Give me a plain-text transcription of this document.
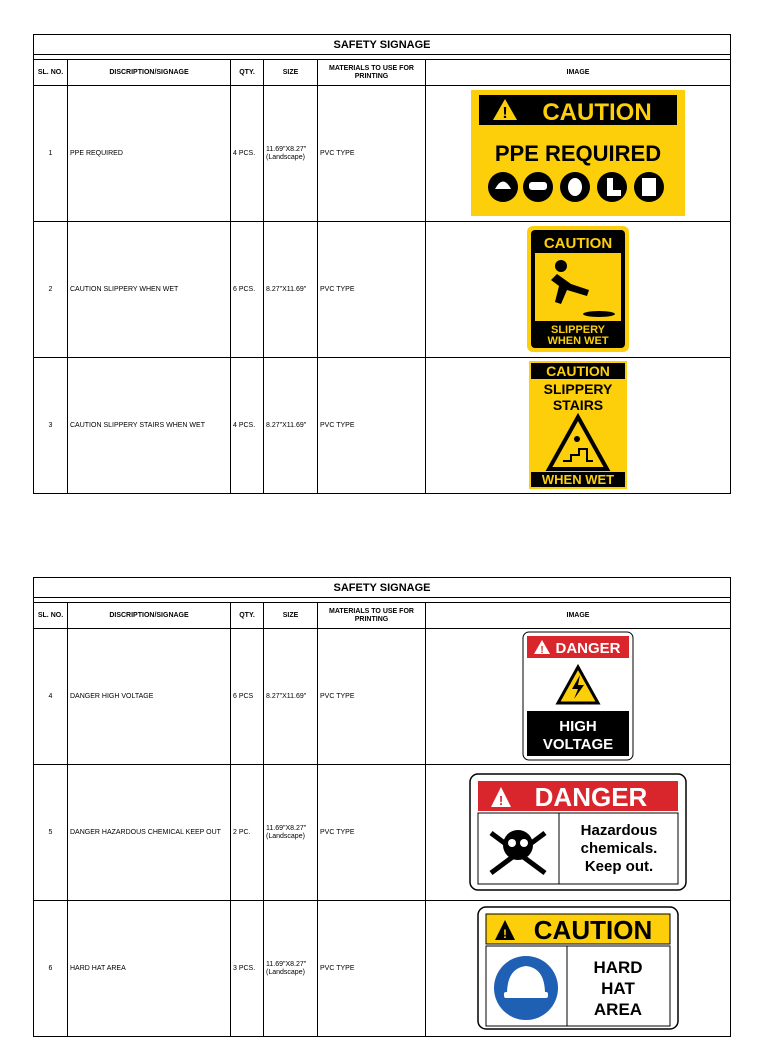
SAFETY SIGNAGE					

SL. NO.	DISCRIPTION/SIGNAGE	QTY.	SIZE	MATERIALS TO USE FOR PRINTING	IMAGE
1	PPE REQUIRED	4 PCS.	11.69"X8.27" (Landscape)	PVC TYPE	! CAUTION
PPE REQUIRED

2	CAUTION SLIPPERY WHEN WET	6 PCS.	8.27"X11.69"	PVC TYPE	CAUTION
SLIPPERY
WHEN WET

3	CAUTION SLIPPERY STAIRS WHEN WET	4 PCS.	8.27"X11.69"	PVC TYPE	CAUTION
SLIPPERY
STAIRS
WHEN WET
SAFETY SIGNAGE					

SL. NO.	DISCRIPTION/SIGNAGE	QTY.	SIZE	MATERIALS TO USE FOR PRINTING	IMAGE
4	DANGER HIGH VOLTAGE	6 PCS	8.27"X11.69"	PVC TYPE	! DANGER
HIGH
VOLTAGE

5	DANGER HAZARDOUS CHEMICAL KEEP OUT	2 PC.	11.69"X8.27" (Landscape)	PVC TYPE	! DANGER
Hazardous
chemicals.
Keep out.

6	HARD HAT AREA	3 PCS.	11.69"X8.27" (Landscape)	PVC TYPE	! CAUTION
HARD
HAT
AREA
